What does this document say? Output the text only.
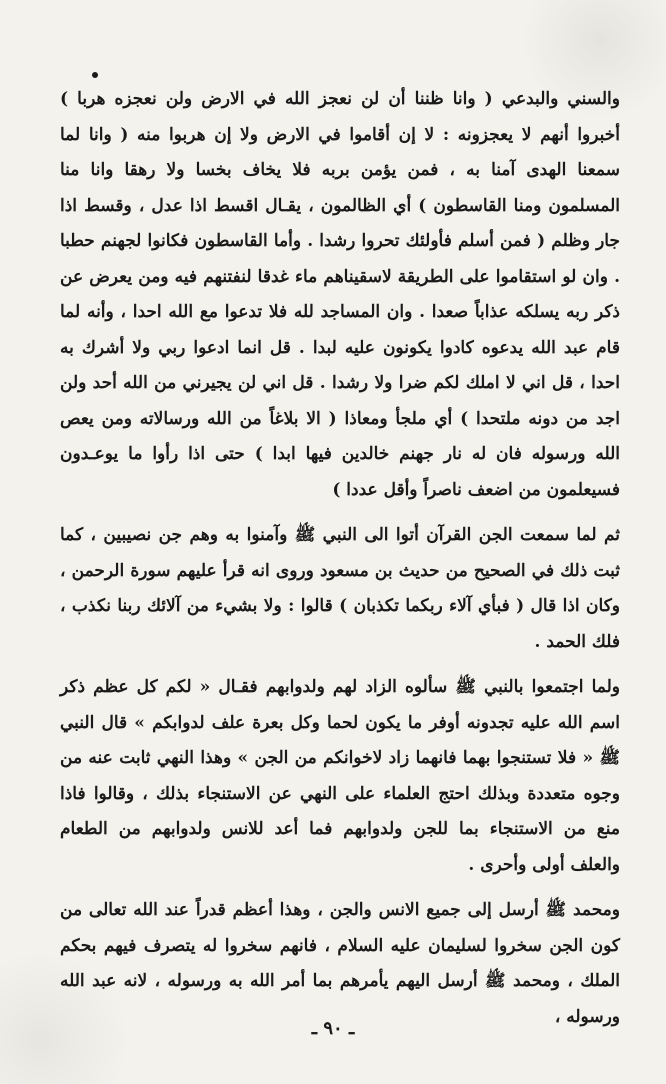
والسني والبدعي ( وانا ظننا أن لن نعجز الله في الارض ولن نعجزه هربا ) أخبروا أنهم لا يعجزونه : لا إن أقاموا في الارض ولا إن هربوا منه ( وانا لما سمعنا الهدى آمنا به ، فمن يؤمن بربه فلا يخاف بخسا ولا رهقا وانا منا المسلمون ومنا القاسطون ) أي الظالمون ، يقـال اقسط اذا عدل ، وقسط اذا جار وظلم ( فمن أسلم فأولئك تحروا رشدا . وأما القاسطون فكانوا لجهنم حطبا . وان لو استقاموا على الطريقة لاسقيناهم ماء غدقا لنفتنهم فيه ومن يعرض عن ذكر ربه يسلكه عذاباً صعدا . وان المساجد لله فلا تدعوا مع الله احدا ، وأنه لما قام عبد الله يدعوه كادوا يكونون عليه لبدا . قل انما ادعوا ربي ولا أشرك به احدا ، قل اني لا املك لكم ضرا ولا رشدا . قل اني لن يجيرني من الله أحد ولن اجد من دونه ملتحدا ) أي ملجأ ومعاذا ( الا بلاغاً من الله ورسالاته ومن يعص الله ورسوله فان له نار جهنم خالدين فيها ابدا ) حتى اذا رأوا ما يوعـدون فسيعلمون من اضعف ناصراً وأقل عددا )

ثم لما سمعت الجن القرآن أتوا الى النبي ﷺ وآمنوا به وهم جن نصيبين ، كما ثبت ذلك في الصحيح من حديث بن مسعود وروى انه قرأ عليهم سورة الرحمن ، وكان اذا قال ( فبأي آلاء ربكما تكذبان ) قالوا : ولا بشيء من آلائك ربنا نكذب ، فلك الحمد .

ولما اجتمعوا بالنبي ﷺ سألوه الزاد لهم ولدوابهم فقـال « لكم كل عظم ذكر اسم الله عليه تجدونه أوفر ما يكون لحما وكل بعرة علف لدوابكم » قال النبي ﷺ « فلا تستنجوا بهما فانهما زاد لاخوانكم من الجن » وهذا النهي ثابت عنه من وجوه متعددة وبذلك احتج العلماء على النهي عن الاستنجاء بذلك ، وقالوا فاذا منع من الاستنجاء بما للجن ولدوابهم فما أعد للانس ولدوابهم من الطعام والعلف أولى وأحرى .

ومحمد ﷺ أرسل إلى جميع الانس والجن ، وهذا أعظم قدراً عند الله تعالى من كون الجن سخروا لسليمان عليه السلام ، فانهم سخروا له يتصرف فيهم بحكم الملك ، ومحمد ﷺ أرسل اليهم يأمرهم بما أمر الله به ورسوله ، لانه عبد الله ورسوله ،

ـ ٩٠ ـ
